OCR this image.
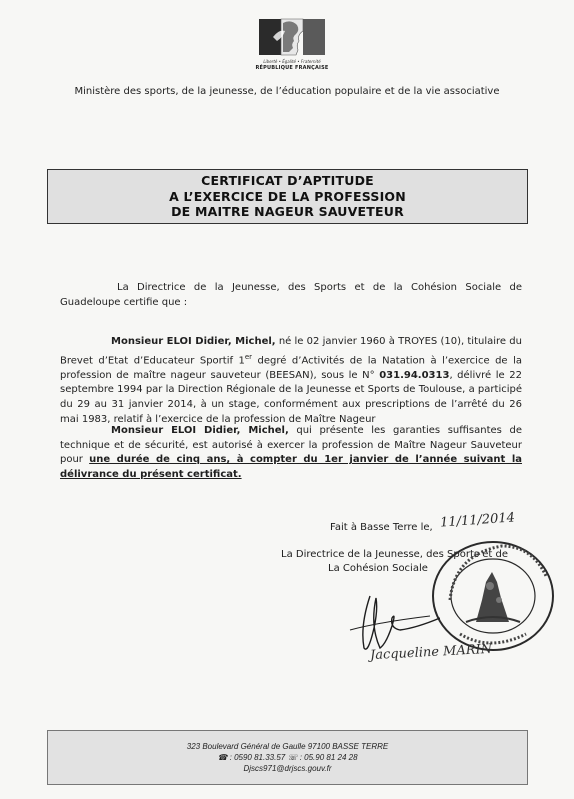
Liberté • Égalité • Fraternité
RÉPUBLIQUE FRANÇAISE
Ministère des sports, de la jeunesse, de l’éducation populaire et de la vie associative
CERTIFICAT D’APTITUDE
A L’EXERCICE DE LA PROFESSION
DE MAITRE NAGEUR SAUVETEUR
La Directrice de la Jeunesse, des Sports et de la Cohésion Sociale de Guadeloupe certifie que :
Monsieur ELOI Didier, Michel, né le 02 janvier 1960 à TROYES (10), titulaire du Brevet d’Etat d’Educateur Sportif 1er degré d’Activités de la Natation à l’exercice de la profession de maître nageur sauveteur (BEESAN), sous le N° 031.94.0313, délivré le 22 septembre 1994 par la Direction Régionale de la Jeunesse et Sports de Toulouse, a participé du 29 au 31 janvier 2014, à un stage, conformément aux prescriptions de l’arrêté du 26 mai 1983, relatif à l’exercice de la profession de Maître Nageur
Monsieur ELOI Didier, Michel, qui présente les garanties suffisantes de technique et de sécurité, est autorisé à exercer la profession de Maître Nageur Sauveteur pour une durée de cinq ans, à compter du 1er janvier de l’année suivant la délivrance du présent certificat.
Fait à Basse Terre le, 11/11/2014
La Directrice de la Jeunesse, des Sports et de
La Cohésion Sociale
Jacqueline MARIN
323 Boulevard Général de Gaulle 97100 BASSE TERRE
☎ : 0590 81.33.57 ☏ : 05.90 81 24 28
Djscs971@drjscs.gouv.fr
